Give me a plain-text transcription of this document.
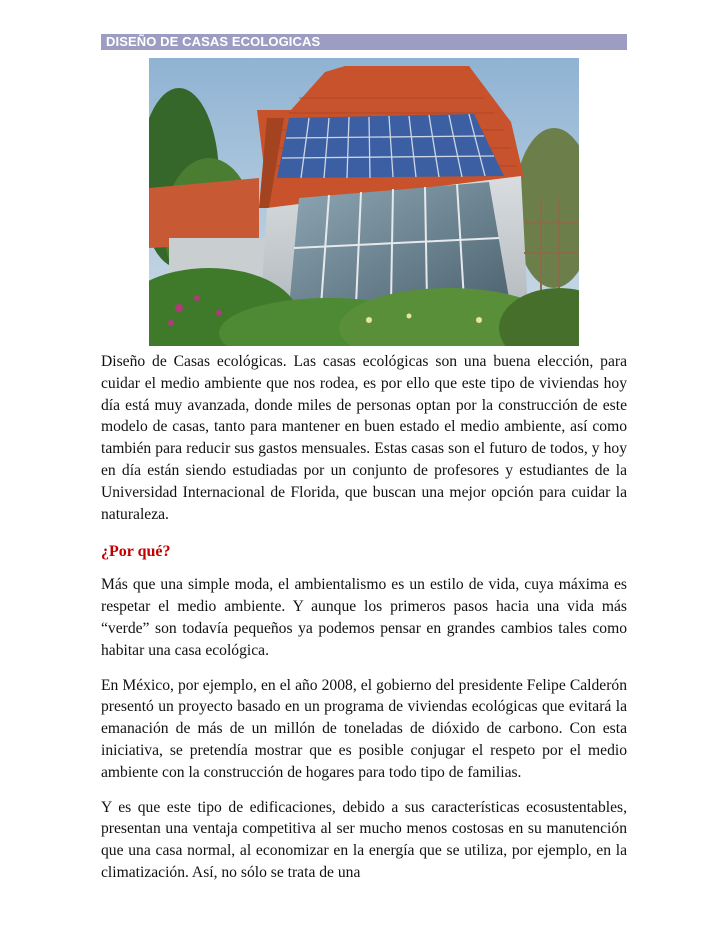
DISEÑO DE CASAS ECOLOGICAS

Diseño de Casas ecológicas. Las casas ecológicas son una buena elección, para cuidar el medio ambiente que nos rodea, es por ello que este tipo de viviendas hoy día está muy avanzada, donde miles de personas optan por la construcción de este modelo de casas, tanto para mantener en buen estado el medio ambiente, así como también para reducir sus gastos mensuales. Estas casas son el futuro de todos, y hoy en día están siendo estudiadas por un conjunto de profesores y estudiantes de la Universidad Internacional de Florida, que buscan una mejor opción para cuidar la naturaleza.

¿Por qué?

Más que una simple moda, el ambientalismo es un estilo de vida, cuya máxima es respetar el medio ambiente. Y aunque los primeros pasos hacia una vida más “verde” son todavía pequeños ya podemos pensar en grandes cambios tales como habitar una casa ecológica.

En México, por ejemplo, en el año 2008, el gobierno del presidente Felipe Calderón presentó un proyecto basado en un programa de viviendas ecológicas que evitará la emanación de más de un millón de toneladas de dióxido de carbono. Con esta iniciativa, se pretendía mostrar que es posible conjugar el respeto por el medio ambiente con la construcción de hogares para todo tipo de familias.

Y es que este tipo de edificaciones, debido a sus características ecosustentables, presentan una ventaja competitiva al ser mucho menos costosas en su manutención que una casa normal, al economizar en la energía que se utiliza, por ejemplo, en la climatización. Así, no sólo se trata de una
